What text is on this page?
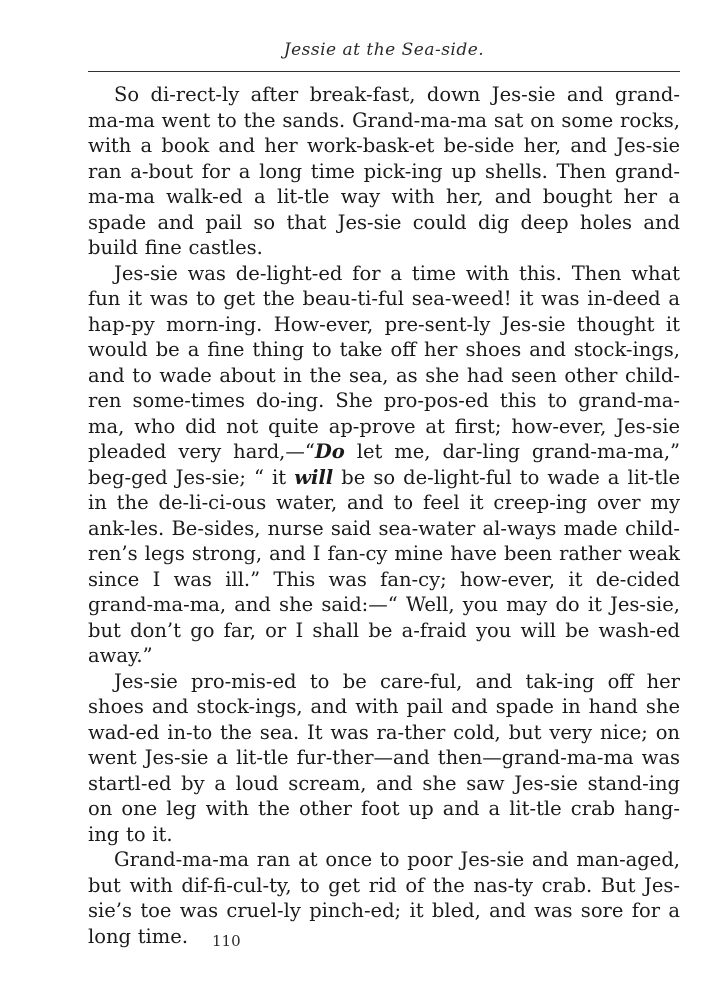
Jessie at the Sea-side.

So di-rect-ly after break-fast, down Jes-sie and grand-ma-ma went to the sands. Grand-ma-ma sat on some rocks, with a book and her work-bask-et be-side her, and Jes-sie ran a-bout for a long time pick-ing up shells. Then grand-ma-ma walk-ed a lit-tle way with her, and bought her a spade and pail so that Jes-sie could dig deep holes and build fine castles.

Jes-sie was de-light-ed for a time with this. Then what fun it was to get the beau-ti-ful sea-weed! it was in-deed a hap-py morn-ing. How-ever, pre-sent-ly Jes-sie thought it would be a fine thing to take off her shoes and stock-ings, and to wade about in the sea, as she had seen other child-ren some-times do-ing. She pro-pos-ed this to grand-ma-ma, who did not quite ap-prove at first; how-ever, Jes-sie pleaded very hard,—“Do let me, dar-ling grand-ma-ma,” beg-ged Jes-sie; “ it will be so de-light-ful to wade a lit-tle in the de-li-ci-ous water, and to feel it creep-ing over my ank-les. Be-sides, nurse said sea-water al-ways made child-ren’s legs strong, and I fan-cy mine have been rather weak since I was ill.” This was fan-cy; how-ever, it de-cided grand-ma-ma, and she said:—“ Well, you may do it Jes-sie, but don’t go far, or I shall be a-fraid you will be wash-ed away.”

Jes-sie pro-mis-ed to be care-ful, and tak-ing off her shoes and stock-ings, and with pail and spade in hand she wad-ed in-to the sea. It was ra-ther cold, but very nice; on went Jes-sie a lit-tle fur-ther—and then—grand-ma-ma was startl-ed by a loud scream, and she saw Jes-sie stand-ing on one leg with the other foot up and a lit-tle crab hang-ing to it.

Grand-ma-ma ran at once to poor Jes-sie and man-aged, but with dif-fi-cul-ty, to get rid of the nas-ty crab. But Jes-sie’s toe was cruel-ly pinch-ed; it bled, and was sore for a long time.	110
